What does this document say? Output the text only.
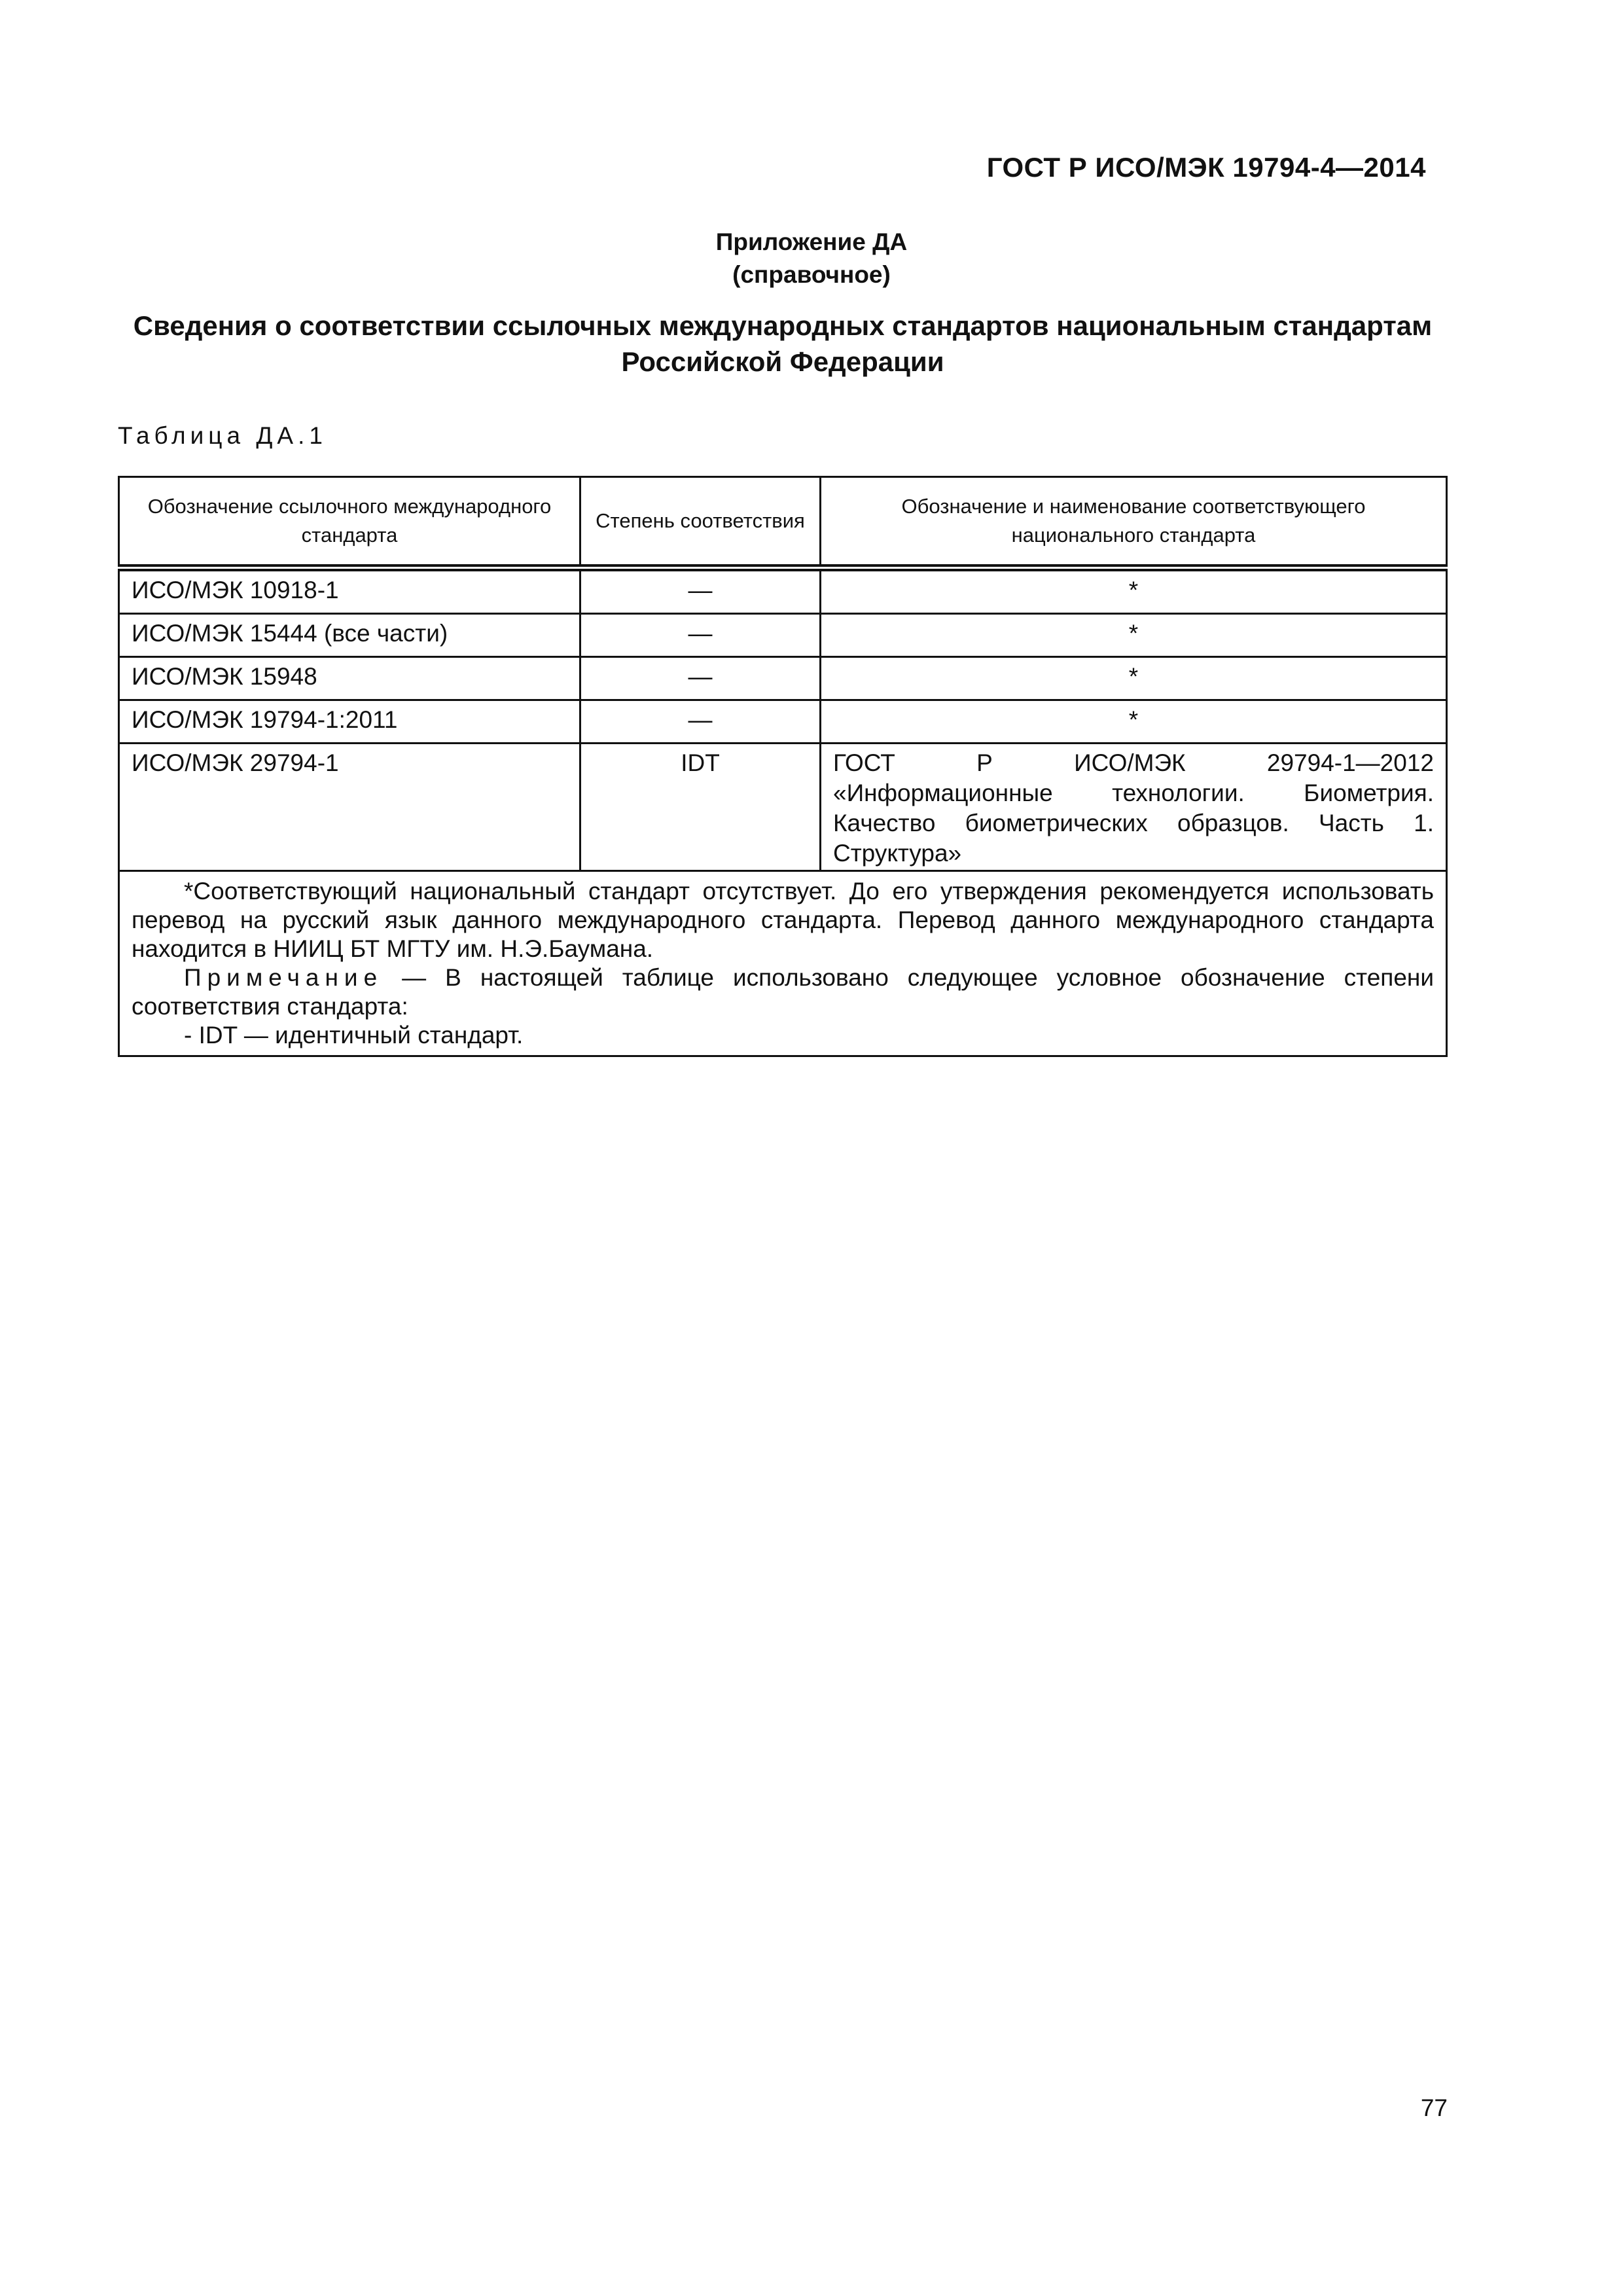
ГОСТ Р ИСО/МЭК 19794-4—2014
Приложение ДА
(справочное)
Сведения о соответствии ссылочных международных стандартов национальным стандартам Российской Федерации
Таблица ДА.1
Обозначение ссылочного международного стандарта	Степень соответствия	Обозначение и наименование соответствующего национального стандарта
ИСО/МЭК 10918-1	—	*
ИСО/МЭК 15444 (все части)	—	*
ИСО/МЭК 15948	—	*
ИСО/МЭК 19794-1:2011	—	*
ИСО/МЭК 29794-1	IDT	ГОСТ Р ИСО/МЭК 29794-1—2012 «Информационные технологии. Биометрия. Качество биометрических образцов. Часть 1. Структура»

*Соответствующий национальный стандарт отсутствует. До его утверждения рекомендуется использовать перевод на русский язык данного международного стандарта. Перевод данного международного стандарта находится в НИИЦ БТ МГТУ им. Н.Э.Баумана.

Примечание — В настоящей таблице использовано следующее условное обозначение степени соответствия стандарта:

- IDT — идентичный стандарт.		

77
